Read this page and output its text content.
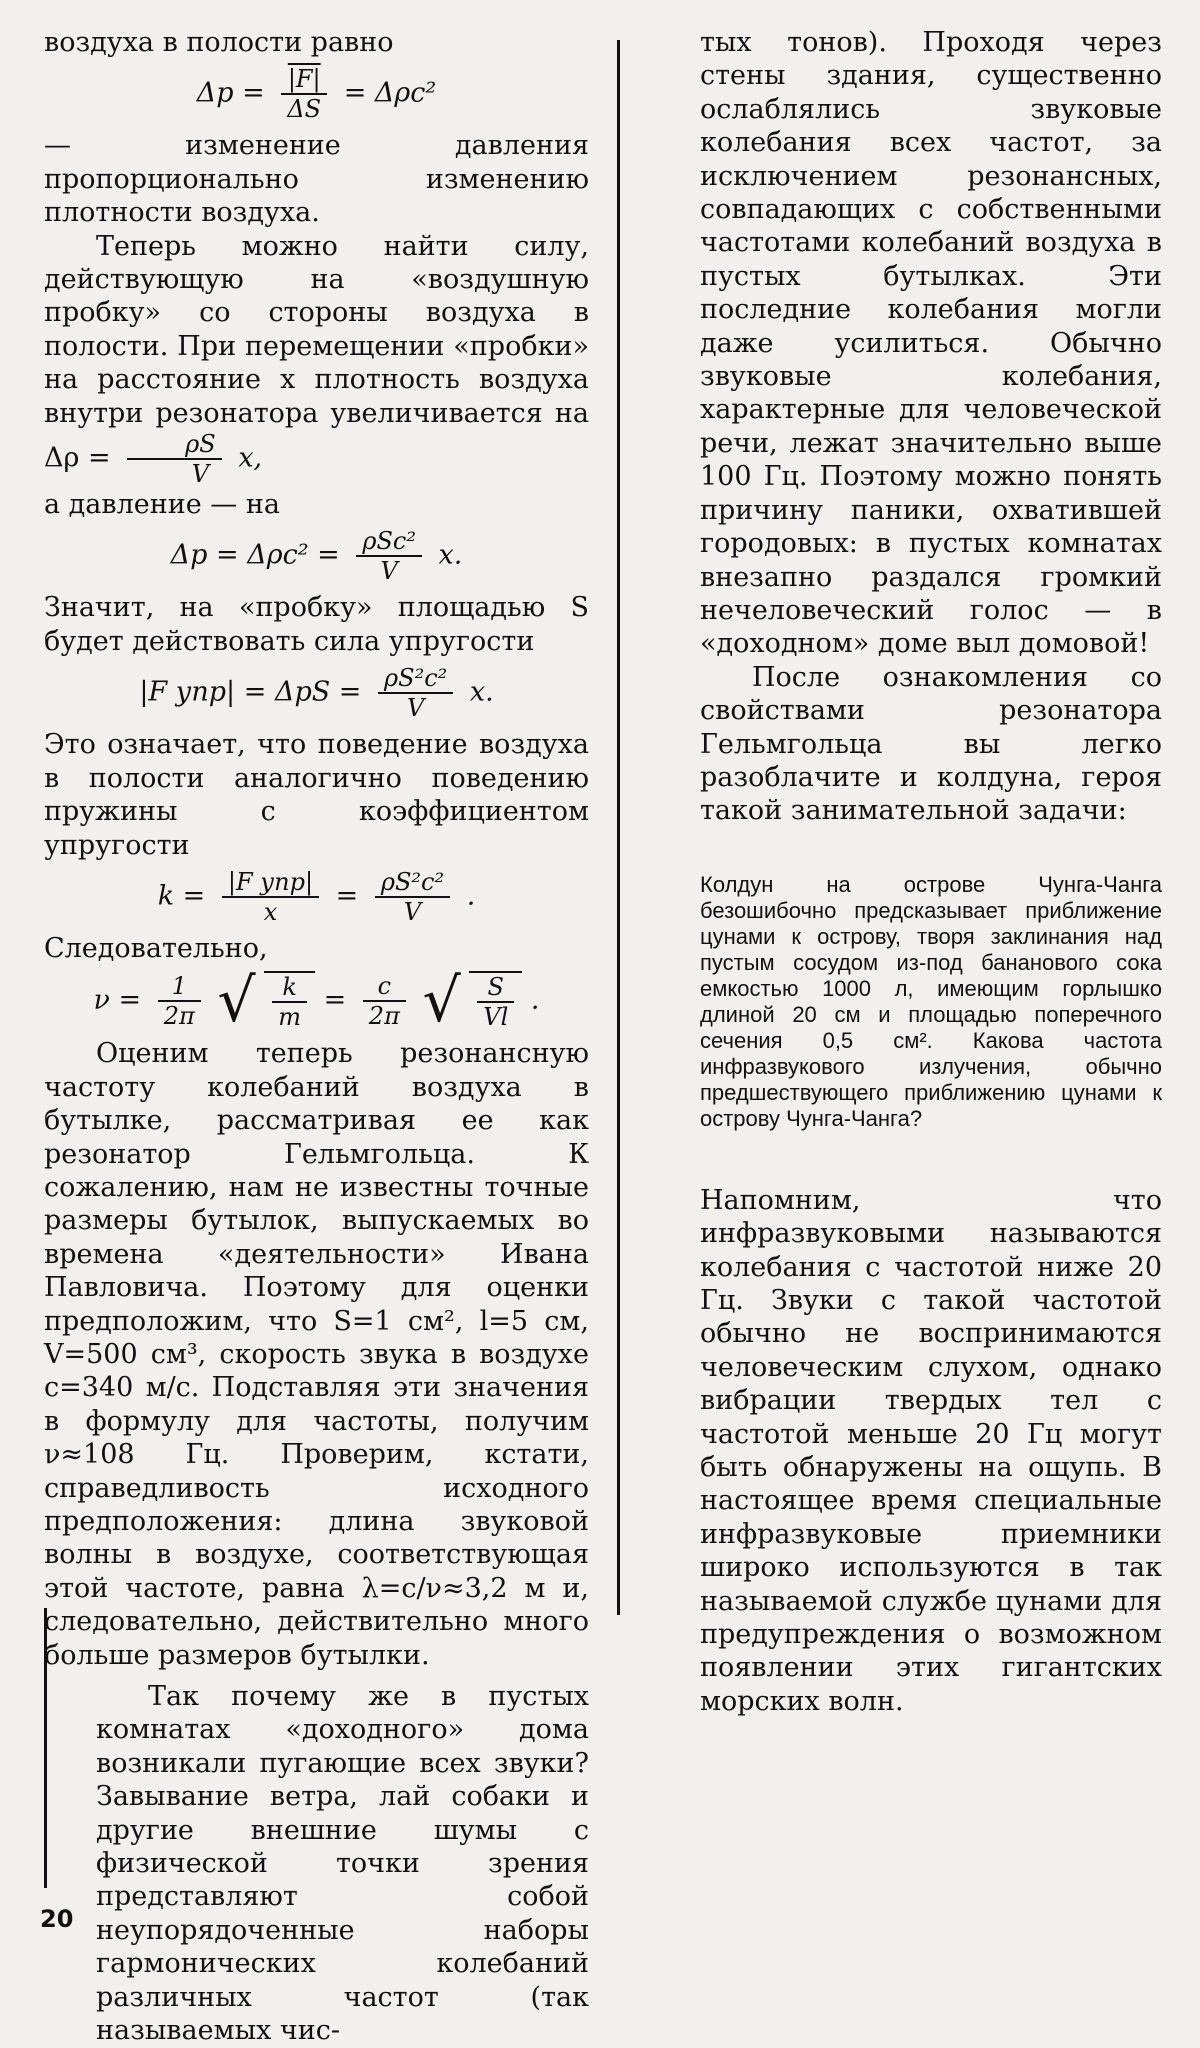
воздуха в полости равно

$\Delta p = \frac{|F|}{\Delta S} = \Delta\rho c^2$

— изменение давления пропорционально изменению плотности воздуха.

Теперь можно найти силу, действующую на «воздушную пробку» со стороны воздуха в полости. При перемещении «пробки» на расстояние x плотность воздуха внутри резонатора увеличивается на $\Delta\rho = \frac{\rho S}{V} x$,

а давление — на

$\Delta p = \Delta\rho c^2 = \frac{\text{ρSc²}}{V} x$.

Значит, на «пробку» площадью S будет действовать сила упругости

|F $упр| = \Delta pS = \frac{\text{ρS²c²}}{V} x$.

Это означает, что поведение воздуха в полости аналогично поведению пружины с коэффициентом упругости

$k = \frac{\text{|F упр|}}{x} = \frac{\text{ρS²c²}}{V}$ .

Следовательно,

$\nu = \frac{1}{2\pi}$ √ $\frac{k}{m} = \frac{c}{2\pi}$ √ $\frac{S}{Vl}$ .

Оценим теперь резонансную частоту колебаний воздуха в бутылке, рассматривая ее как резонатор Гельмгольца. К сожалению, нам не известны точные размеры бутылок, выпускаемых во времена «деятельности» Ивана Павловича. Поэтому для оценки предположим, что S=1 см², l=5 см, V=500 см³, скорость звука в воздухе c=340 м/с. Подставляя эти значения в формулу для частоты, получим ν≈108 Гц. Проверим, кстати, справедливость исходного предположения: длина звуковой волны в воздухе, соответствующая этой частоте, равна λ=c/ν≈3,2 м и, следовательно, действительно много больше размеров бутылки.

Так почему же в пустых комнатах «доходного» дома возникали пугающие всех звуки? Завывание ветра, лай собаки и другие внешние шумы с физической точки зрения представляют собой неупорядоченные наборы гармонических колебаний различных частот (так называемых чис-

тых тонов). Проходя через стены здания, существенно ослаблялись звуковые колебания всех частот, за исключением резонансных, совпадающих с собственными частотами колебаний воздуха в пустых бутылках. Эти последние колебания могли даже усилиться. Обычно звуковые колебания, характерные для человеческой речи, лежат значительно выше 100 Гц. Поэтому можно понять причину паники, охватившей городовых: в пустых комнатах внезапно раздался громкий нечеловеческий голос — в «доходном» доме выл домовой!

После ознакомления со свойствами резонатора Гельмгольца вы легко разоблачите и колдуна, героя такой занимательной задачи:

Колдун на острове Чунга-Чанга безошибочно предсказывает приближение цунами к острову, творя заклинания над пустым сосудом из-под бананового сока емкостью 1000 л, имеющим горлышко длиной 20 см и площадью поперечного сечения 0,5 см². Какова частота инфразвукового излучения, обычно предшествующего приближению цунами к острову Чунга-Чанга?

Напомним, что инфразвуковыми называются колебания с частотой ниже 20 Гц. Звуки с такой частотой обычно не воспринимаются человеческим слухом, однако вибрации твердых тел с частотой меньше 20 Гц могут быть обнаружены на ощупь. В настоящее время специальные инфразвуковые приемники широко используются в так называемой службе цунами для предупреждения о возможном появлении этих гигантских морских волн.

20
